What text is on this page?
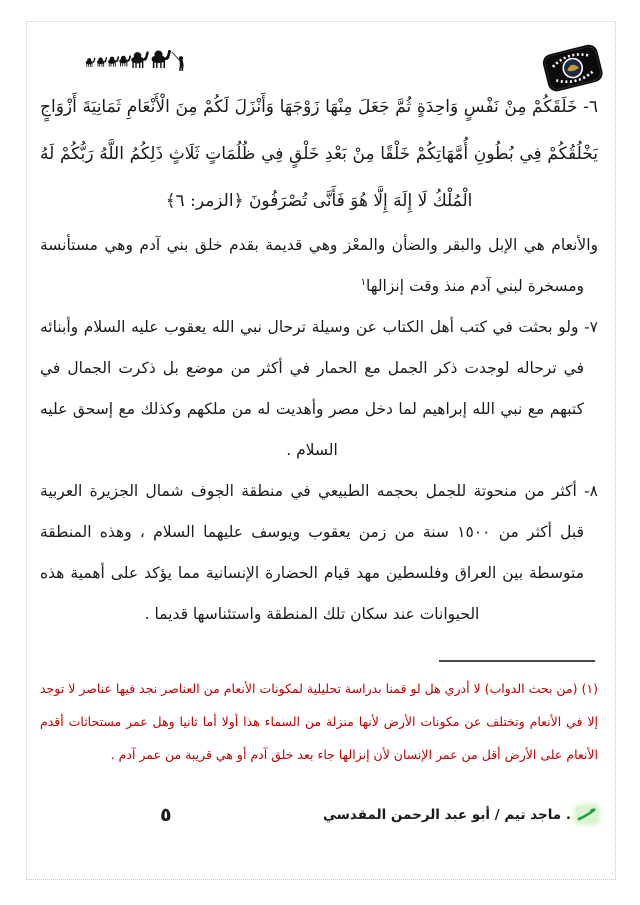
٦- خَلَقَكُمْ مِنْ نَفْسٍ وَاحِدَةٍ ثُمَّ جَعَلَ مِنْهَا زَوْجَهَا وَأَنْزَلَ لَكُمْ مِنَ الْأَنْعَامِ ثَمَانِيَةَ أَزْوَاجٍ يَخْلُقُكُمْ فِي بُطُونِ أُمَّهَاتِكُمْ خَلْقًا مِنْ بَعْدِ خَلْقٍ فِي ظُلُمَاتٍ ثَلَاثٍ ذَلِكُمُ اللَّهُ رَبُّكُمْ لَهُ الْمُلْكُ لَا إِلَهَ إِلَّا هُوَ فَأَنَّى تُصْرَفُونَ ﴿الزمر: ٦﴾

والأنعام هي الإبل والبقر والضأن والمعْز وهي قديمة بقدم خلق بني آدم وهي مستأنسة ومسخرة لبني آدم منذ وقت إنزالها$^١$

٧- ولو بحثت في كتب أهل الكتاب عن وسيلة ترحال نبي الله يعقوب عليه السلام وأبنائه في ترحاله لوجدت ذكر الجمل مع الحمار في أكثر من موضع بل ذكرت الجمال في كتبهم مع نبي الله إبراهيم لما دخل مصر وأهديت له من ملكهم وكذلك مع إسحق عليه السلام .

٨- أكثر من منحوتة للجمل بحجمه الطبيعي في منطقة الجوف شمال الجزيرة العربية قبل أكثر من ١٥٠٠ سنة من زمن يعقوب ويوسف عليهما السلام ، وهذه المنطقة متوسطة بين العراق وفلسطين مهد قيام الحضارة الإنسانية مما يؤكد على أهمية هذه الحيوانات عند سكان تلك المنطقة واستئناسها قديما .

(١) (من بحث الدواب) لا أدري هل لو قمنا بدراسة تحليلية لمكونات الأنعام من العناصر نجد فيها عناصر لا توجد إلا في الأنعام وتختلف عن مكونات الأرض لأنها منزلة من السماء هذا أولا أما ثانيا وهل عمر مستحاثات أقدم الأنعام على الأرض أقل من عمر الإنسان لأن إنزالها جاء بعد خلق آدم أو هي قريبة من عمر آدم .

٥	. ماجد تيم / أبو عبد الرحمن المقدسي
